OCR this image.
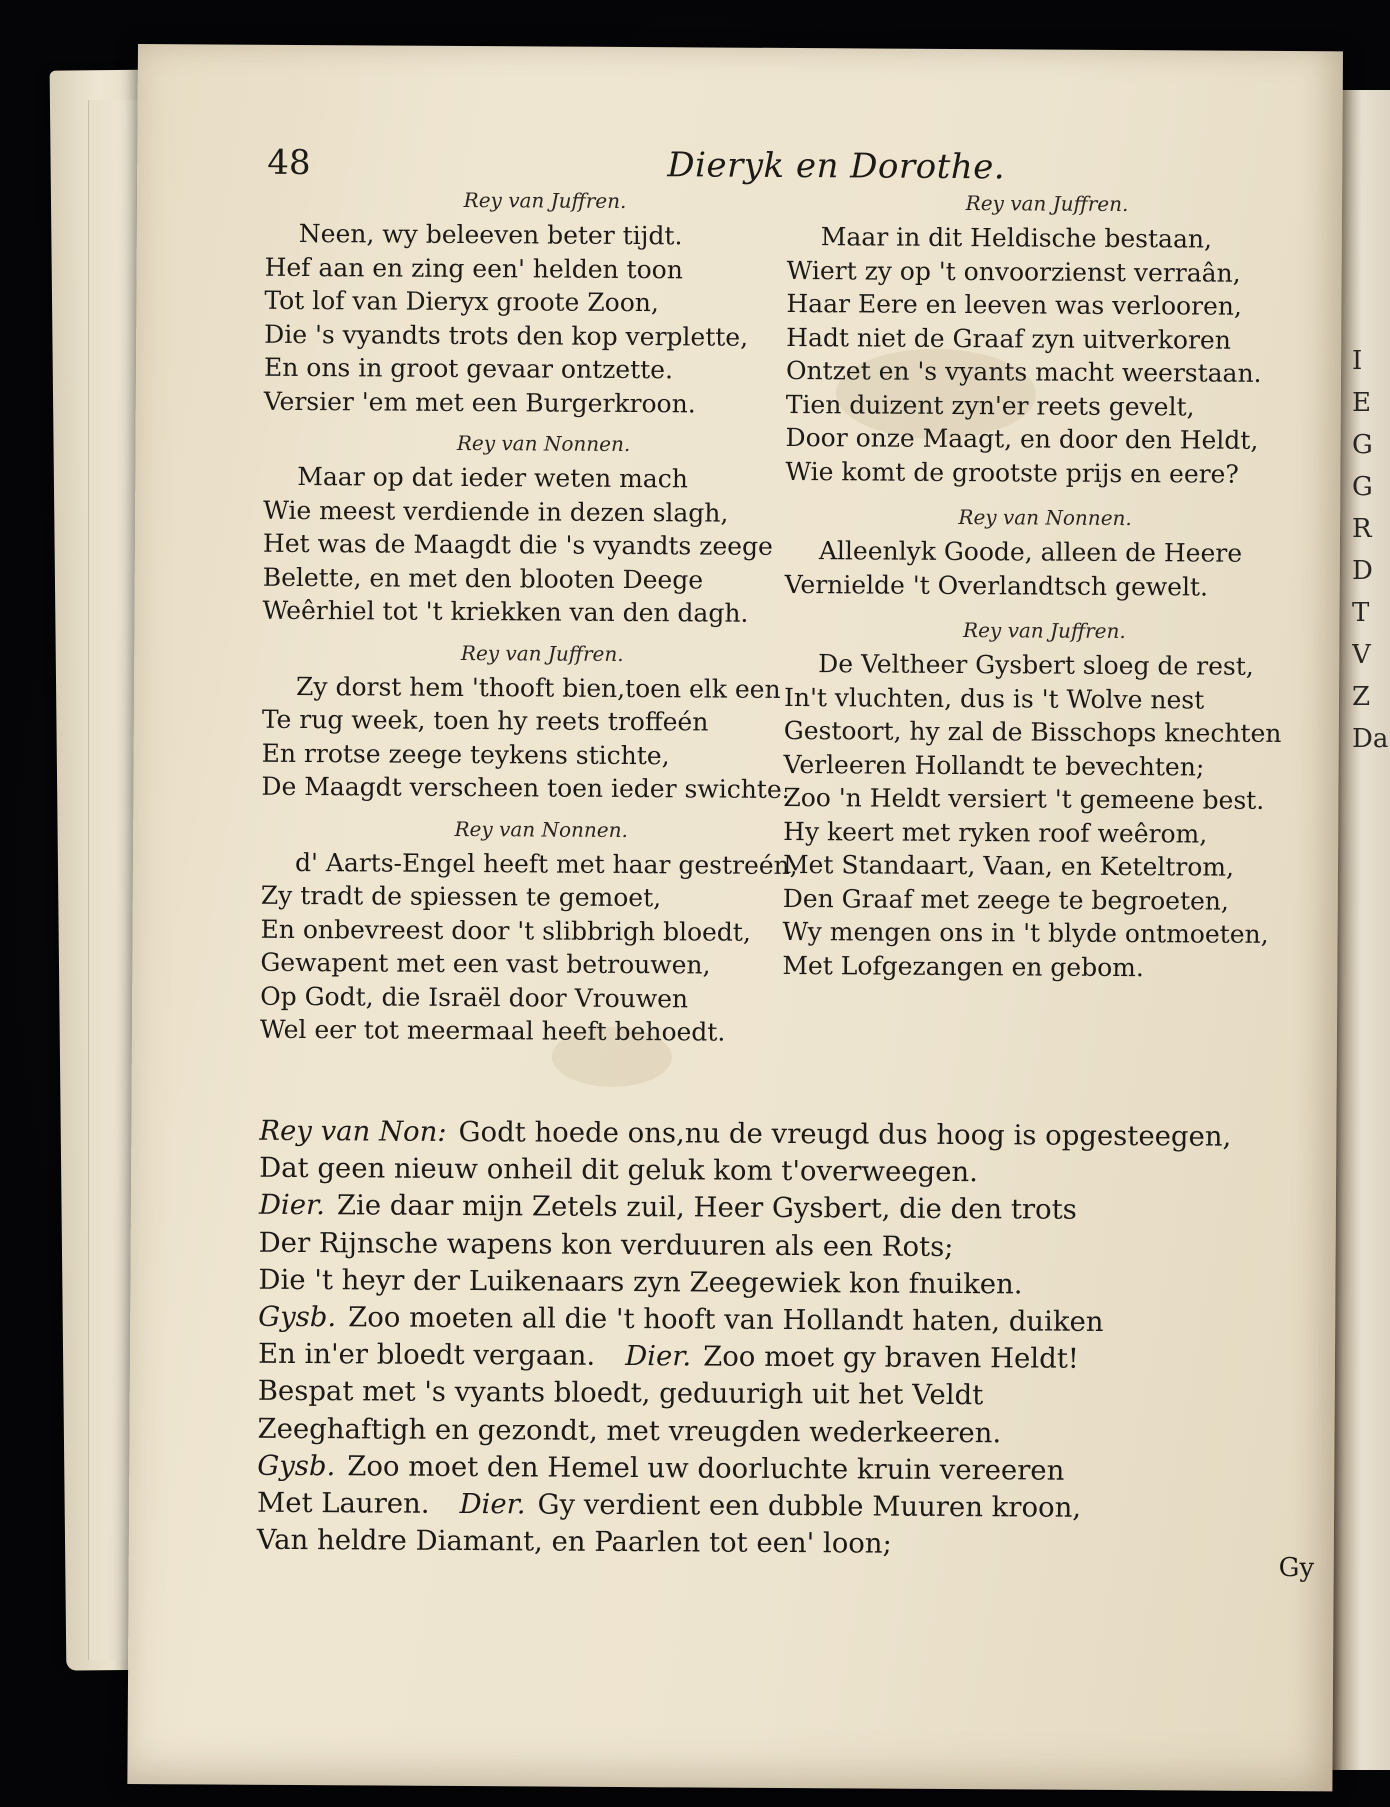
I
E
G
G
R
D
T
V
Z
Da
48	Dieryk en Dorothe.
Rey van Juffren.
Neen, wy beleeven beter tijdt.
Hef aan en zing een' helden toon
Tot lof van Dieryx groote Zoon,
Die 's vyandts trots den kop verplette,
En ons in groot gevaar ontzette.
Versier 'em met een Burgerkroon.
Rey van Nonnen.
Maar op dat ieder weten mach
Wie meest verdiende in dezen slagh,
Het was de Maagdt die 's vyandts zeege
Belette, en met den blooten Deege
Weêrhiel tot 't kriekken van den dagh.
Rey van Juffren.
Zy dorst hem 'thooft bien,toen elk een
Te rug week, toen hy reets troffeén
En rrotse zeege teykens stichte,
De Maagdt verscheen toen ieder swichte.
Rey van Nonnen.
d' Aarts-Engel heeft met haar gestreén,
Zy tradt de spiessen te gemoet,
En onbevreest door 't slibbrigh bloedt,
Gewapent met een vast betrouwen,
Op Godt, die Israël door Vrouwen
Wel eer tot meermaal heeft behoedt.
Rey van Juffren.
Maar in dit Heldische bestaan,
Wiert zy op 't onvoorzienst verraân,
Haar Eere en leeven was verlooren,
Hadt niet de Graaf zyn uitverkoren
Ontzet en 's vyants macht weerstaan.
Tien duizent zyn'er reets gevelt,
Door onze Maagt, en door den Heldt,
Wie komt de grootste prijs en eere?
Rey van Nonnen.
Alleenlyk Goode, alleen de Heere
Vernielde 't Overlandtsch gewelt.
Rey van Juffren.
De Veltheer Gysbert sloeg de rest,
In't vluchten, dus is 't Wolve nest
Gestoort, hy zal de Bisschops knechten
Verleeren Hollandt te bevechten;
Zoo 'n Heldt versiert 't gemeene best.
Hy keert met ryken roof weêrom,
Met Standaart, Vaan, en Keteltrom,
Den Graaf met zeege te begroeten,
Wy mengen ons in 't blyde ontmoeten,
Met Lofgezangen en gebom.
Rey van Non: Godt hoede ons,nu de vreugd dus hoog is opgesteegen,
Dat geen nieuw onheil dit geluk kom t'overweegen.
Dier. Zie daar mijn Zetels zuil, Heer Gysbert, die den trots
Der Rijnsche wapens kon verduuren als een Rots;
Die 't heyr der Luikenaars zyn Zeegewiek kon fnuiken.
Gysb. Zoo moeten all die 't hooft van Hollandt haten, duiken
En in'er bloedt vergaan. Dier. Zoo moet gy braven Heldt!
Bespat met 's vyants bloedt, geduurigh uit het Veldt
Zeeghaftigh en gezondt, met vreugden wederkeeren.
Gysb. Zoo moet den Hemel uw doorluchte kruin vereeren
Met Lauren. Dier. Gy verdient een dubble Muuren kroon,
Van heldre Diamant, en Paarlen tot een' loon;
Gy
